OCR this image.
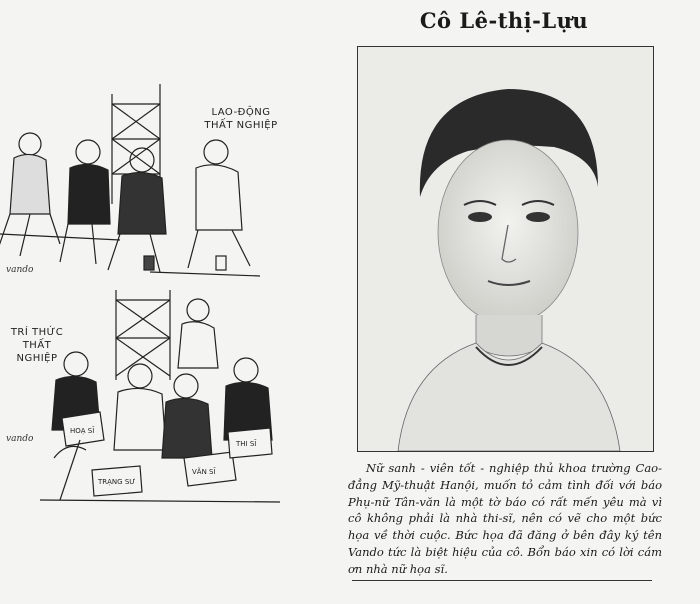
LAO-ĐỘNG
THẤT NGHIỆP
vando
HOẠ SĨ
VĂN SĨ
THI SĨ
TRẠNG SƯ
TRÍ THỨC
THẤT NGHIỆP
vando
Cô Lê-thị-Lựu
Nữ sanh - viên tốt - nghiệp thủ khoa trường Cao-đẳng Mỹ-thuật Hanội, muốn tỏ cảm tình đối với báo Phụ-nữ Tân-văn là một tờ báo có rất mến yêu mà vì cô không phải là nhà thi-sĩ, nên có vẽ cho một bức họa về thời cuộc. Bức họa đã đăng ở bên đây ký tên Vando tức là biệt hiệu của cô. Bổn báo xin có lời cám ơn nhà nữ họa sĩ.
